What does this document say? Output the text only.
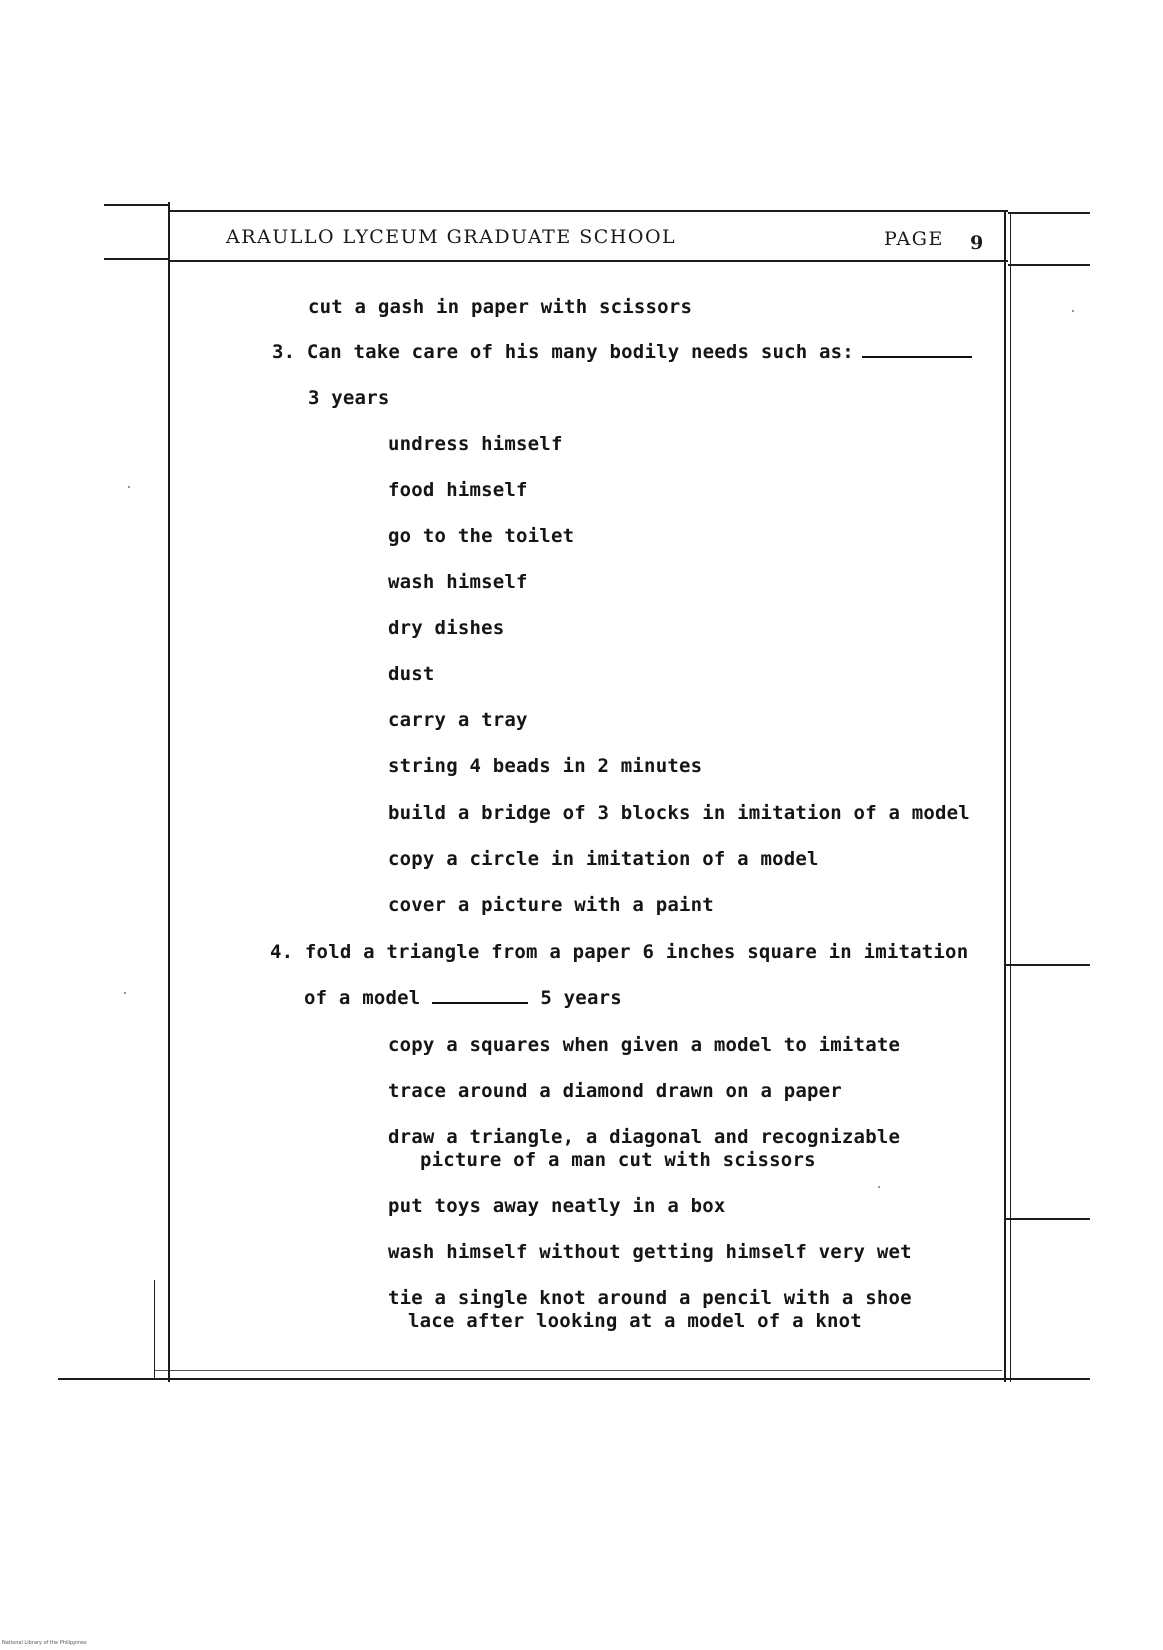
ARAULLO LYCEUM GRADUATE SCHOOL	PAGE 9
cut a gash in paper with scissors
3. Can take care of his many bodily needs such as:
3 years
undress himself
food himself
go to the toilet
wash himself
dry dishes
dust
carry a tray
string 4 beads in 2 minutes
build a bridge of 3 blocks in imitation of a model
copy a circle in imitation of a model
cover a picture with a paint
4. fold a triangle from a paper 6 inches square in imitation
of a model	5 years
copy a squares when given a model to imitate
trace around a diamond drawn on a paper
draw a triangle, a diagonal and recognizable
picture of a man cut with scissors
put toys away neatly in a box
wash himself without getting himself very wet
tie a single knot around a pencil with a shoe
lace after looking at a model of a knot
National Library of the Philippines
